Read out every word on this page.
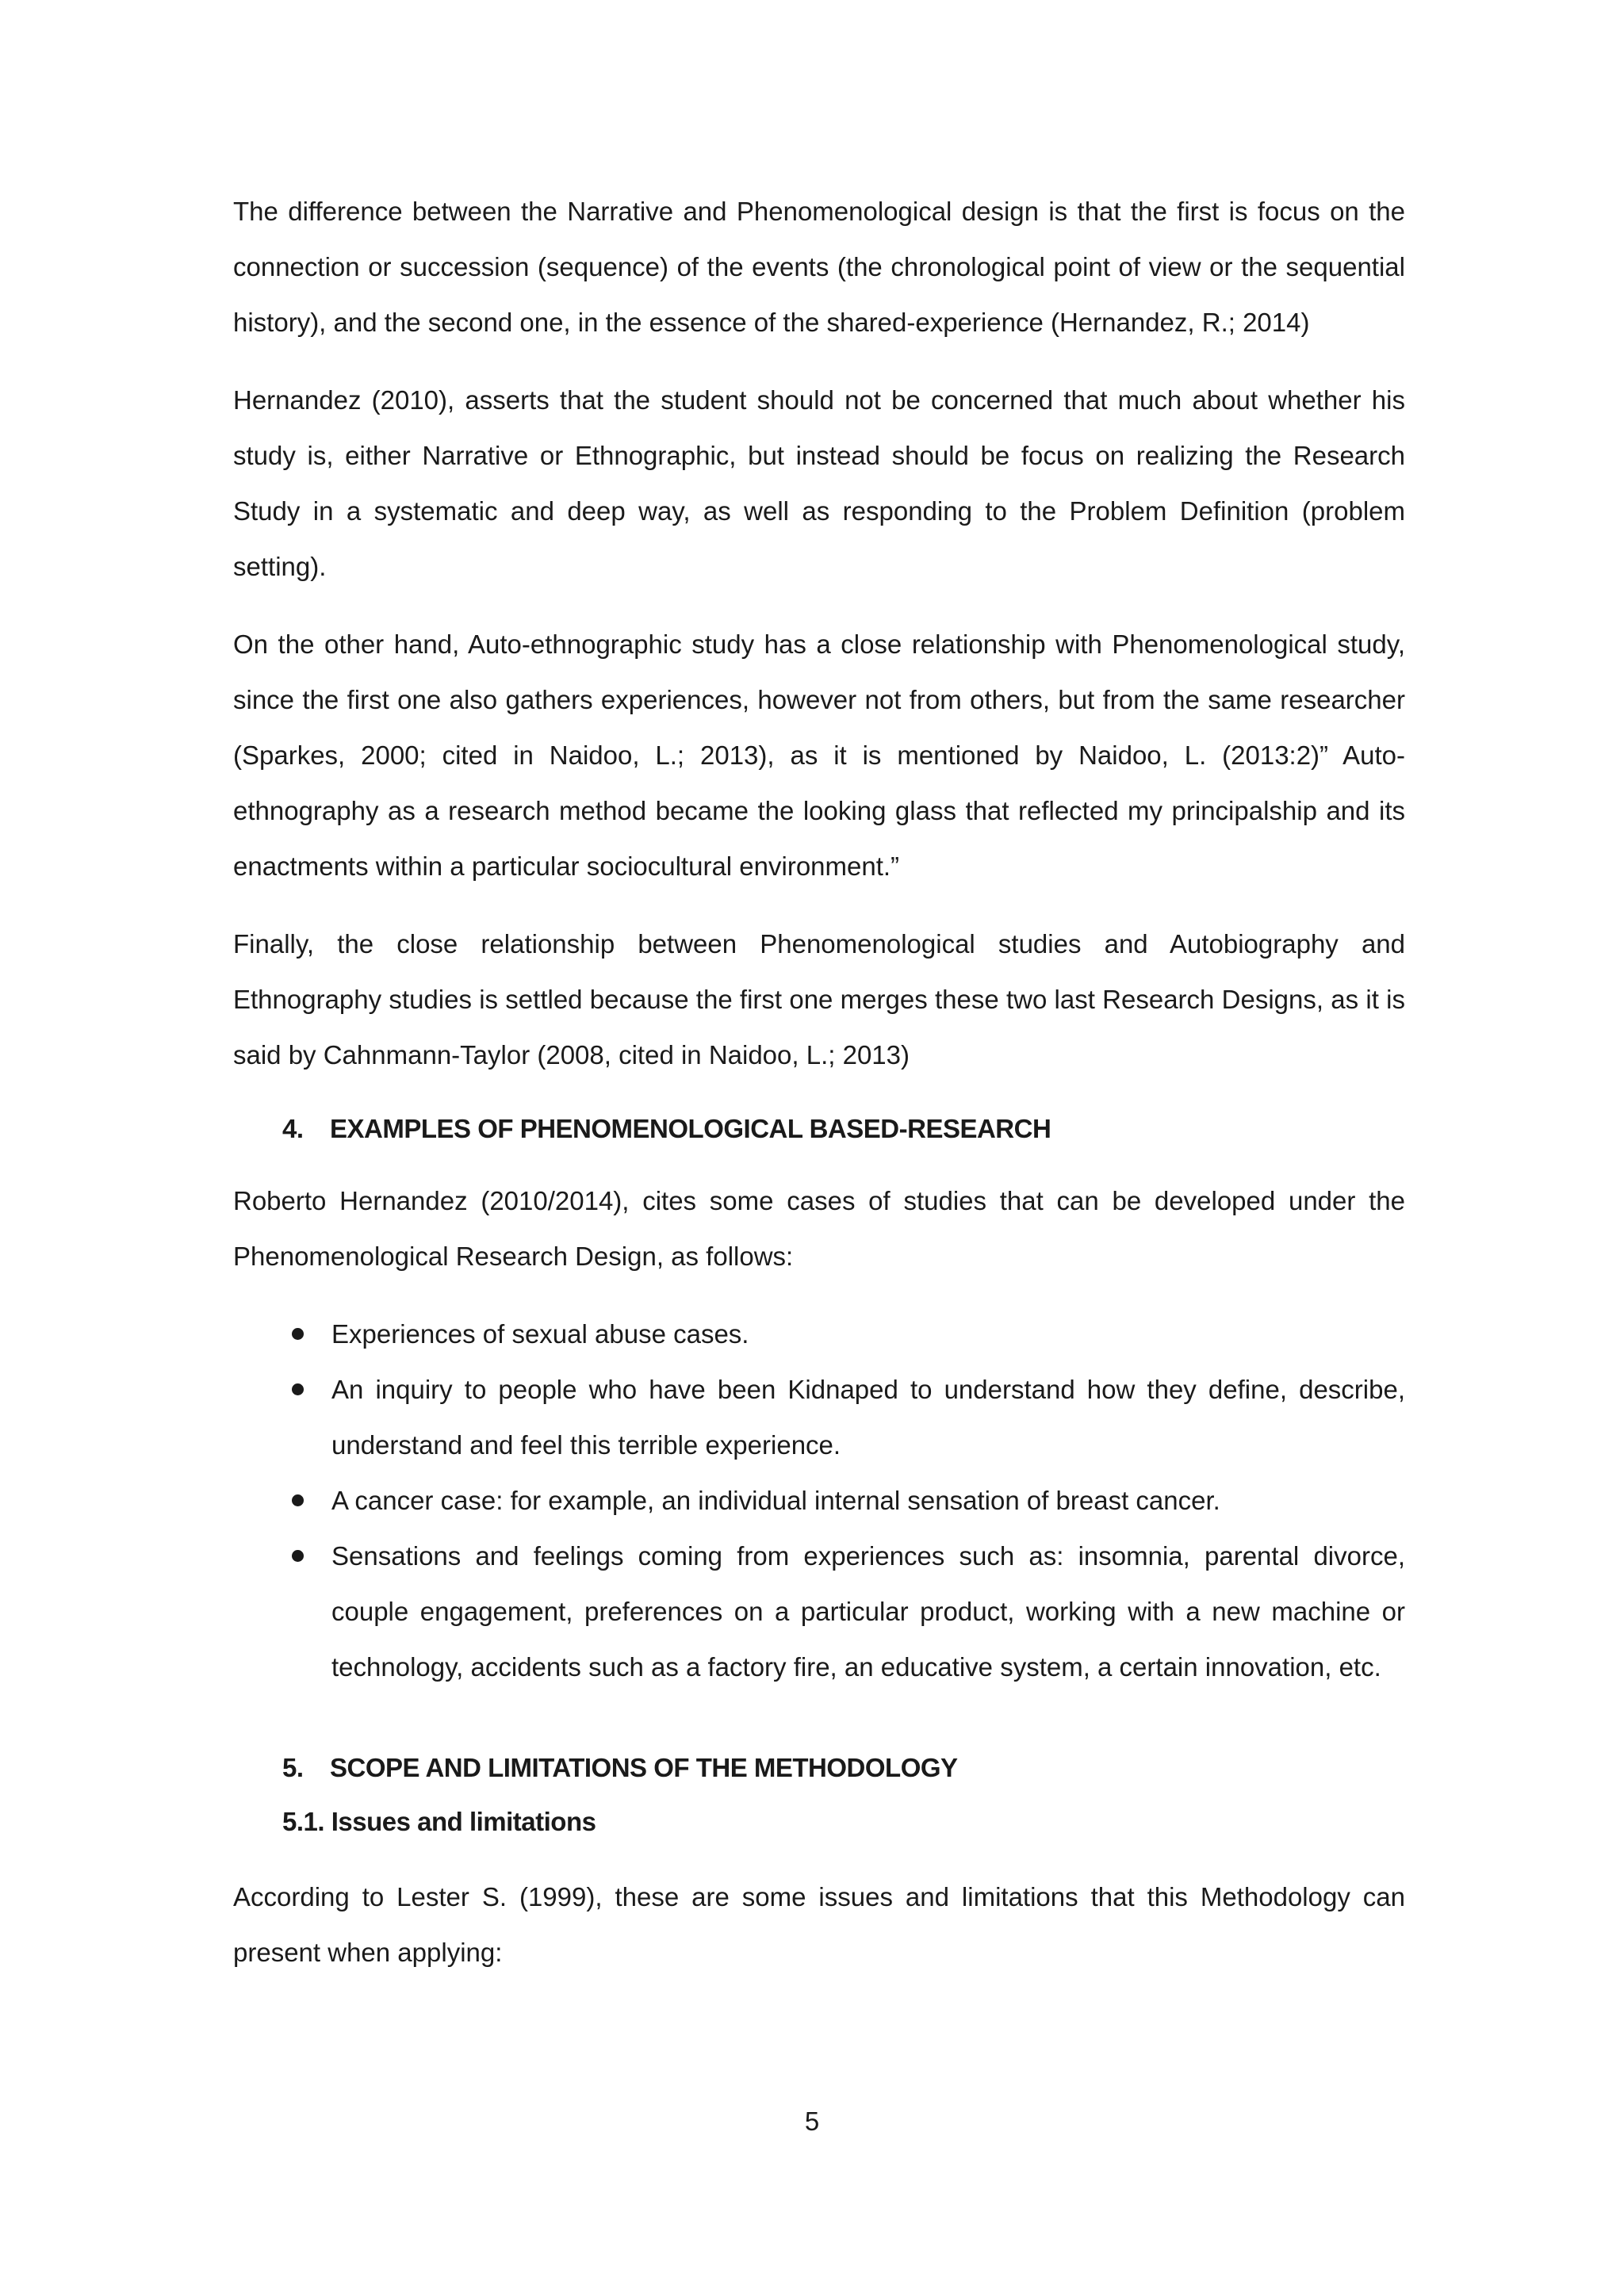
The difference between the Narrative and Phenomenological design is that the first is focus on the connection or succession (sequence) of the events (the chronological point of view or the sequential history), and the second one, in the essence of the shared-experience (Hernandez, R.; 2014)

Hernandez (2010), asserts that the student should not be concerned that much about whether his study is, either Narrative or Ethnographic, but instead should be focus on realizing the Research Study in a systematic and deep way, as well as responding to the Problem Definition (problem setting).

On the other hand, Auto-ethnographic study has a close relationship with Phenomenological study, since the first one also gathers experiences, however not from others, but from the same researcher (Sparkes, 2000; cited in Naidoo, L.; 2013), as it is mentioned by Naidoo, L. (2013:2)” Auto-ethnography as a research method became the looking glass that reflected my principalship and its enactments within a particular sociocultural environment.”

Finally, the close relationship between Phenomenological studies and Autobiography and Ethnography studies is settled because the first one merges these two last Research Designs, as it is said by Cahnmann-Taylor (2008, cited in Naidoo, L.; 2013)

4. EXAMPLES OF PHENOMENOLOGICAL BASED-RESEARCH

Roberto Hernandez (2010/2014), cites some cases of studies that can be developed under the Phenomenological Research Design, as follows:

Experiences of sexual abuse cases.
An inquiry to people who have been Kidnaped to understand how they define, describe, understand and feel this terrible experience.
A cancer case: for example, an individual internal sensation of breast cancer.
Sensations and feelings coming from experiences such as: insomnia, parental divorce, couple engagement, preferences on a particular product, working with a new machine or technology, accidents such as a factory fire, an educative system, a certain innovation, etc.
5. SCOPE AND LIMITATIONS OF THE METHODOLOGY
5.1. Issues and limitations

According to Lester S. (1999), these are some issues and limitations that this Methodology can present when applying:

5
